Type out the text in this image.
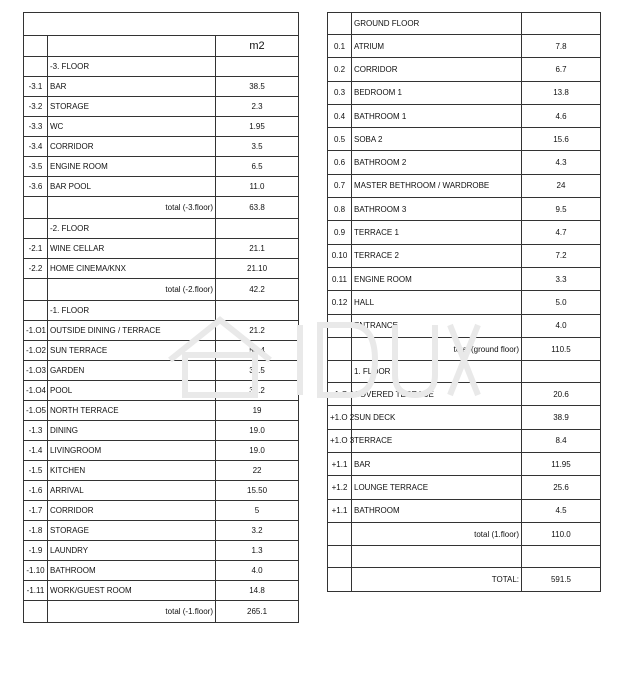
		m2
	-3. FLOOR	
-3.1	BAR	38.5
-3.2	STORAGE	2.3
-3.3	WC	1.95
-3.4	CORRIDOR	3.5
-3.5	ENGINE ROOM	6.5
-3.6	BAR POOL	11.0
	total (-3.floor)	63.8
	-2. FLOOR	
-2.1	WINE CELLAR	21.1
-2.2	HOME CINEMA/KNX	21.10
	total (-2.floor)	42.2
	-1. FLOOR	
-1.O1	OUTSIDE DINING / TERRACE	21.2
-1.O2	SUN TERRACE	59.4
-1.O3	GARDEN	30.5
-1.O4	POOL	31.2
-1.O5	NORTH TERRACE	19
-1.3	DINING	19.0
-1.4	LIVINGROOM	19.0
-1.5	KITCHEN	22
-1.6	ARRIVAL	15.50
-1.7	CORRIDOR	5
-1.8	STORAGE	3.2
-1.9	LAUNDRY	1.3
-1.10	BATHROOM	4.0
-1.11	WORK/GUEST ROOM	14.8
	total (-1.floor)	265.1
	GROUND FLOOR	
0.1	ATRIUM	7.8
0.2	CORRIDOR	6.7
0.3	BEDROOM 1	13.8
0.4	BATHROOM 1	4.6
0.5	SOBA 2	15.6
0.6	BATHROOM 2	4.3
0.7	MASTER BETHROOM / WARDROBE	24
0.8	BATHROOM 3	9.5
0.9	TERRACE 1	4.7
0.10	TERRACE 2	7.2
0.11	ENGINE ROOM	3.3
0.12	HALL	5.0
0.13	ENTRANCE	4.0
	total (ground floor)	110.5
	1. FLOOR	
+1.O 1	COVERED TERRACE	20.6
+1.O 2	SUN DECK	38.9
+1.O 3	TERRACE	8.4
+1.1	BAR	11.95
+1.2	LOUNGE TERRACE	25.6
+1.1	BATHROOM	4.5
	total (1.floor)	110.0

	TOTAL:	591.5
